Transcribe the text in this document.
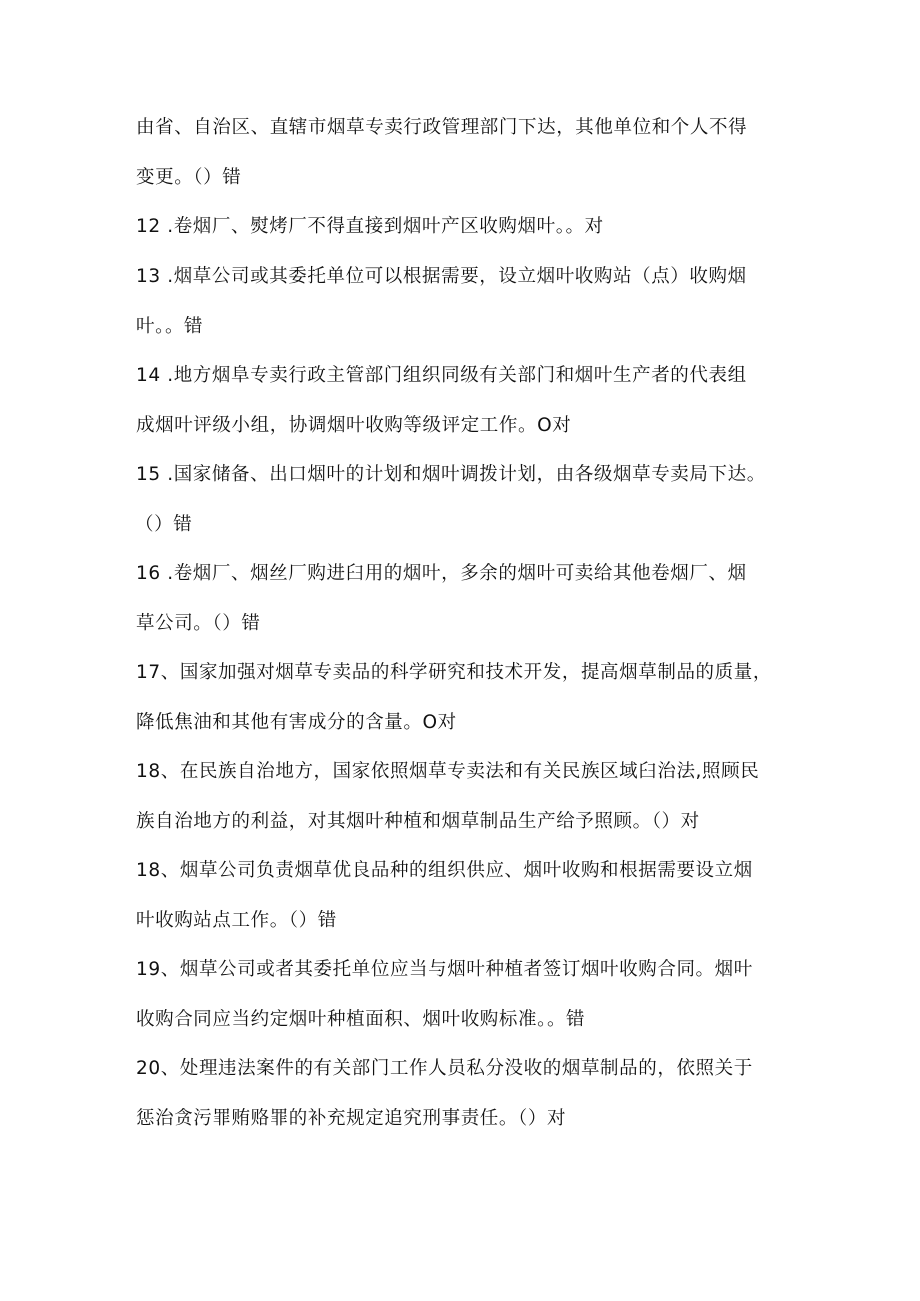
由省、自治区、直辖市烟草专卖行政管理部门下达，其他单位和个人不得
变更。（）错
12 .卷烟厂、熨烤厂不得直接到烟叶产区收购烟叶。。对
13 .烟草公司或其委托单位可以根据需要，设立烟叶收购站（点）收购烟
叶。。错
14 .地方烟阜专卖行政主管部门组织同级有关部门和烟叶生产者的代表组
成烟叶评级小组，协调烟叶收购等级评定工作。O对
15 .国家储备、出口烟叶的计划和烟叶调拨计划，由各级烟草专卖局下达。
（）错
16 .卷烟厂、烟丝厂购进臼用的烟叶，多余的烟叶可卖给其他卷烟厂、烟
草公司。（）错
17、国家加强对烟草专卖品的科学研究和技术开发，提高烟草制品的质量，
降低焦油和其他有害成分的含量。O对
18、在民族自治地方，国家依照烟草专卖法和有关民族区域臼治法,照顾民
族自治地方的利益，对其烟叶种植和烟草制品生产给予照顾。（）对
18、烟草公司负责烟草优良品种的组织供应、烟叶收购和根据需要设立烟
叶收购站点工作。（）错
19、烟草公司或者其委托单位应当与烟叶种植者签订烟叶收购合同。烟叶
收购合同应当约定烟叶种植面积、烟叶收购标准。。错
20、处理违法案件的有关部门工作人员私分没收的烟草制品的，依照关于
惩治贪污罪贿赂罪的补充规定追究刑事责任。（）对
